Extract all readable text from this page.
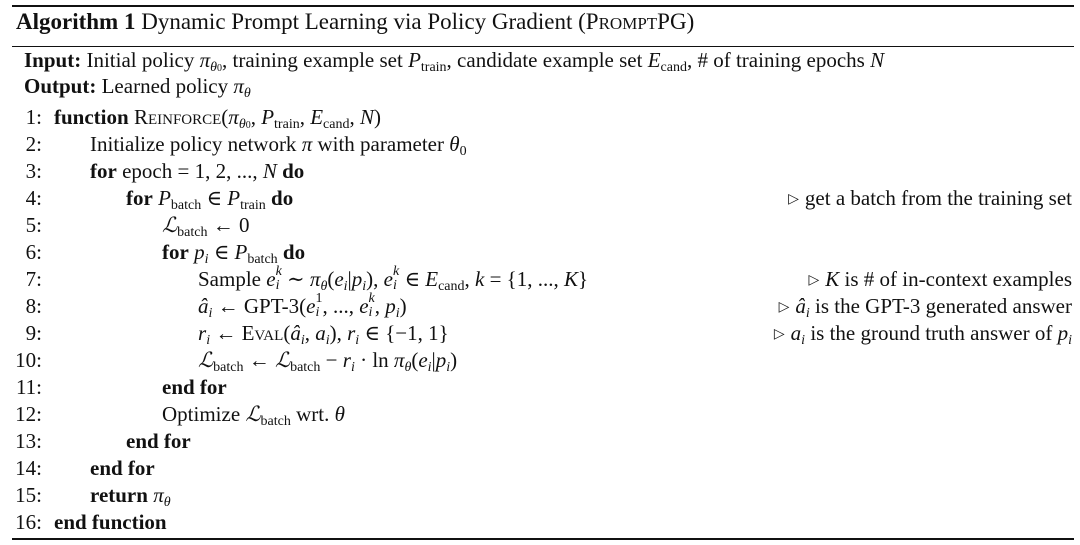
Algorithm 1 Dynamic Prompt Learning via Policy Gradient (PROMPTPG)
Input: Initial policy $\pi_{\theta 0}$, training example set $P_{train}$, candidate example set $E_{cand}$, # of training epochs N
Output: Learned policy $\pi_\theta$
1: function $REINFORCE(\pi_{\theta 0}$, $P_{train}$, $E_{cand}$, N)
2: Initialize policy network π with parameter $\theta_0$
3: for epoch = 1, 2, ..., N do
4:	for $P_{batch}$ ∈ $P_{train}$ do	▷ get a batch from the training set
5:	ℒ$_{batch}$ ← 0
6:	for $p_i$ ∈ $P_{batch}$ do
7:	Sample e k
i ∼ $\pi_\theta(e_i|p_i)$, e k
i ∈ $E_{cand}$, k = {1, ..., K}	▷ K is # of in-context examples
8:	$â_i$ ← GPT-3(e 1
i , ..., e k
i , $p_i$)	▷ $â_i$ is the GPT-3 generated answer
9:	$r_i$ ← $EVAL(â_i$, $a_i$), $r_i$ ∈ {−1, 1}	▷ $a_i$ is the ground truth answer of $p_i$
10:	ℒ$_{batch}$ ← ℒ$_{batch}$ − $r_i \cdot \ln \pi_\theta(e_i|p_i)$
11:	end for
12:	Optimize ℒ$_{batch}$ wrt. θ
13:	end for
14: end for
15: return $\pi_\theta$
16: end function
